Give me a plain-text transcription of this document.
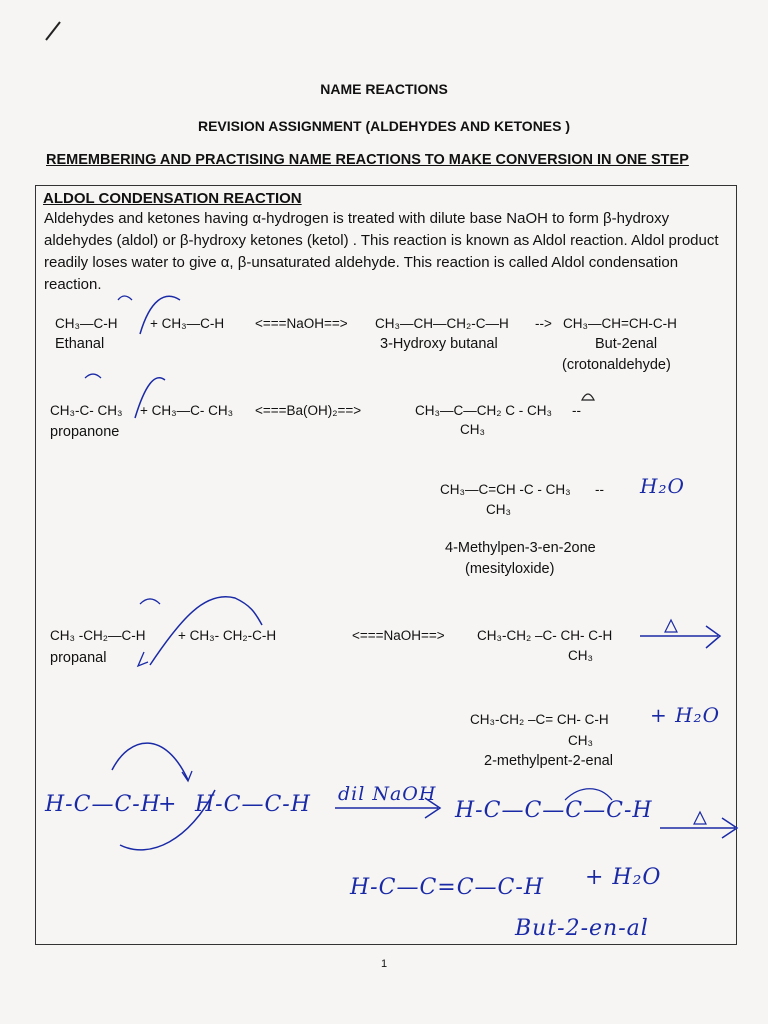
NAME REACTIONS
REVISION ASSIGNMENT (ALDEHYDES AND KETONES )
REMEMBERING AND PRACTISING NAME REACTIONS TO MAKE CONVERSION IN ONE STEP
ALDOL CONDENSATION REACTION
Aldehydes and ketones having α-hydrogen is treated with dilute base NaOH to form β-hydroxy aldehydes (aldol) or β-hydroxy ketones (ketol) . This reaction is known as Aldol reaction. Aldol product readily loses water to give α, β-unsaturated aldehyde. This reaction is called Aldol condensation reaction.
CH₃—C-H + CH₃—C-H <===NaOH==> CH₃—CH—CH₂-C—H --> CH₃—CH=CH-C-H
Ethanal	3-Hydroxy butanal	But-2enal
(crotonaldehyde)
CH₃-C- CH₃ + CH₃—C- CH₃ <===Ba(OH)₂==>	CH₃—C—CH₂ C - CH₃ --
propanone	CH₃
CH₃—C=CH -C - CH₃ -- H₂O
CH₃
4-Methylpen-3-en-2one
(mesityloxide)
CH₃ -CH₂—C-H + CH₃- CH₂-C-H	<===NaOH==> CH₃-CH₂ –C- CH- C-H
propanal	CH₃
CH₃-CH₂ –C= CH- C-H + H₂O
CH₃
2-methylpent-2-enal
H-C—C-H
+ H-C—C-H dil NaOH
H-C—C—C—C-H
H-C—C=C—C-H + H₂O
But-2-en-al
1
